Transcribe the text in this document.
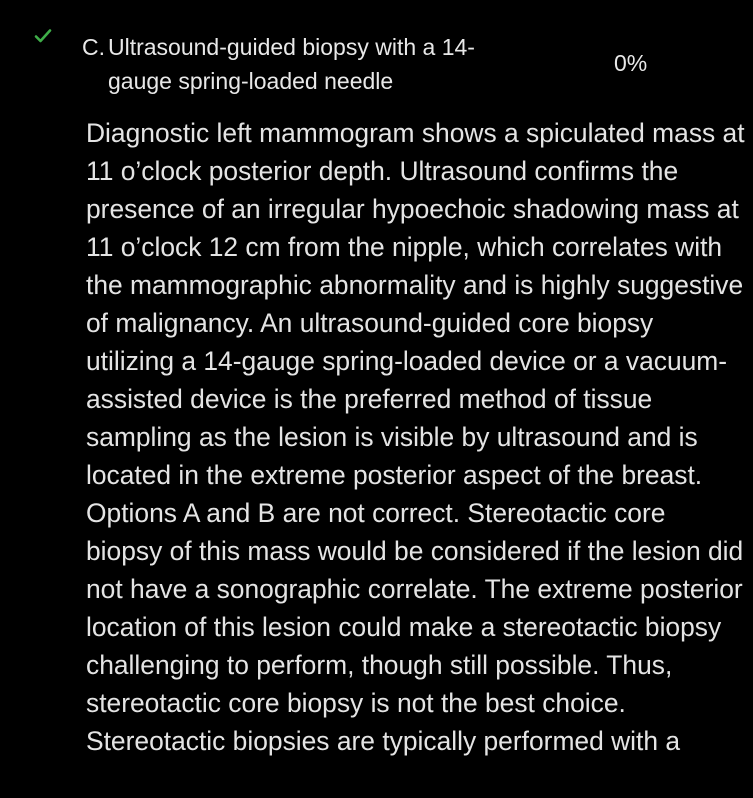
C. Ultrasound-guided biopsy with a 14-gauge spring-loaded needle
0%

Diagnostic left mammogram shows a spiculated mass at 11 o’clock posterior depth. Ultrasound confirms the presence of an irregular hypoechoic shadowing mass at 11 o’clock 12 cm from the nipple, which correlates with the mammographic abnormality and is highly suggestive of malignancy. An ultrasound-guided core biopsy utilizing a 14-gauge spring-loaded device or a vacuum-assisted device is the preferred method of tissue sampling as the lesion is visible by ultrasound and is located in the extreme posterior aspect of the breast. Options A and B are not correct. Stereotactic core biopsy of this mass would be considered if the lesion did not have a sonographic correlate. The extreme posterior location of this lesion could make a stereotactic biopsy challenging to perform, though still possible. Thus, stereotactic core biopsy is not the best choice. Stereotactic biopsies are typically performed with a
